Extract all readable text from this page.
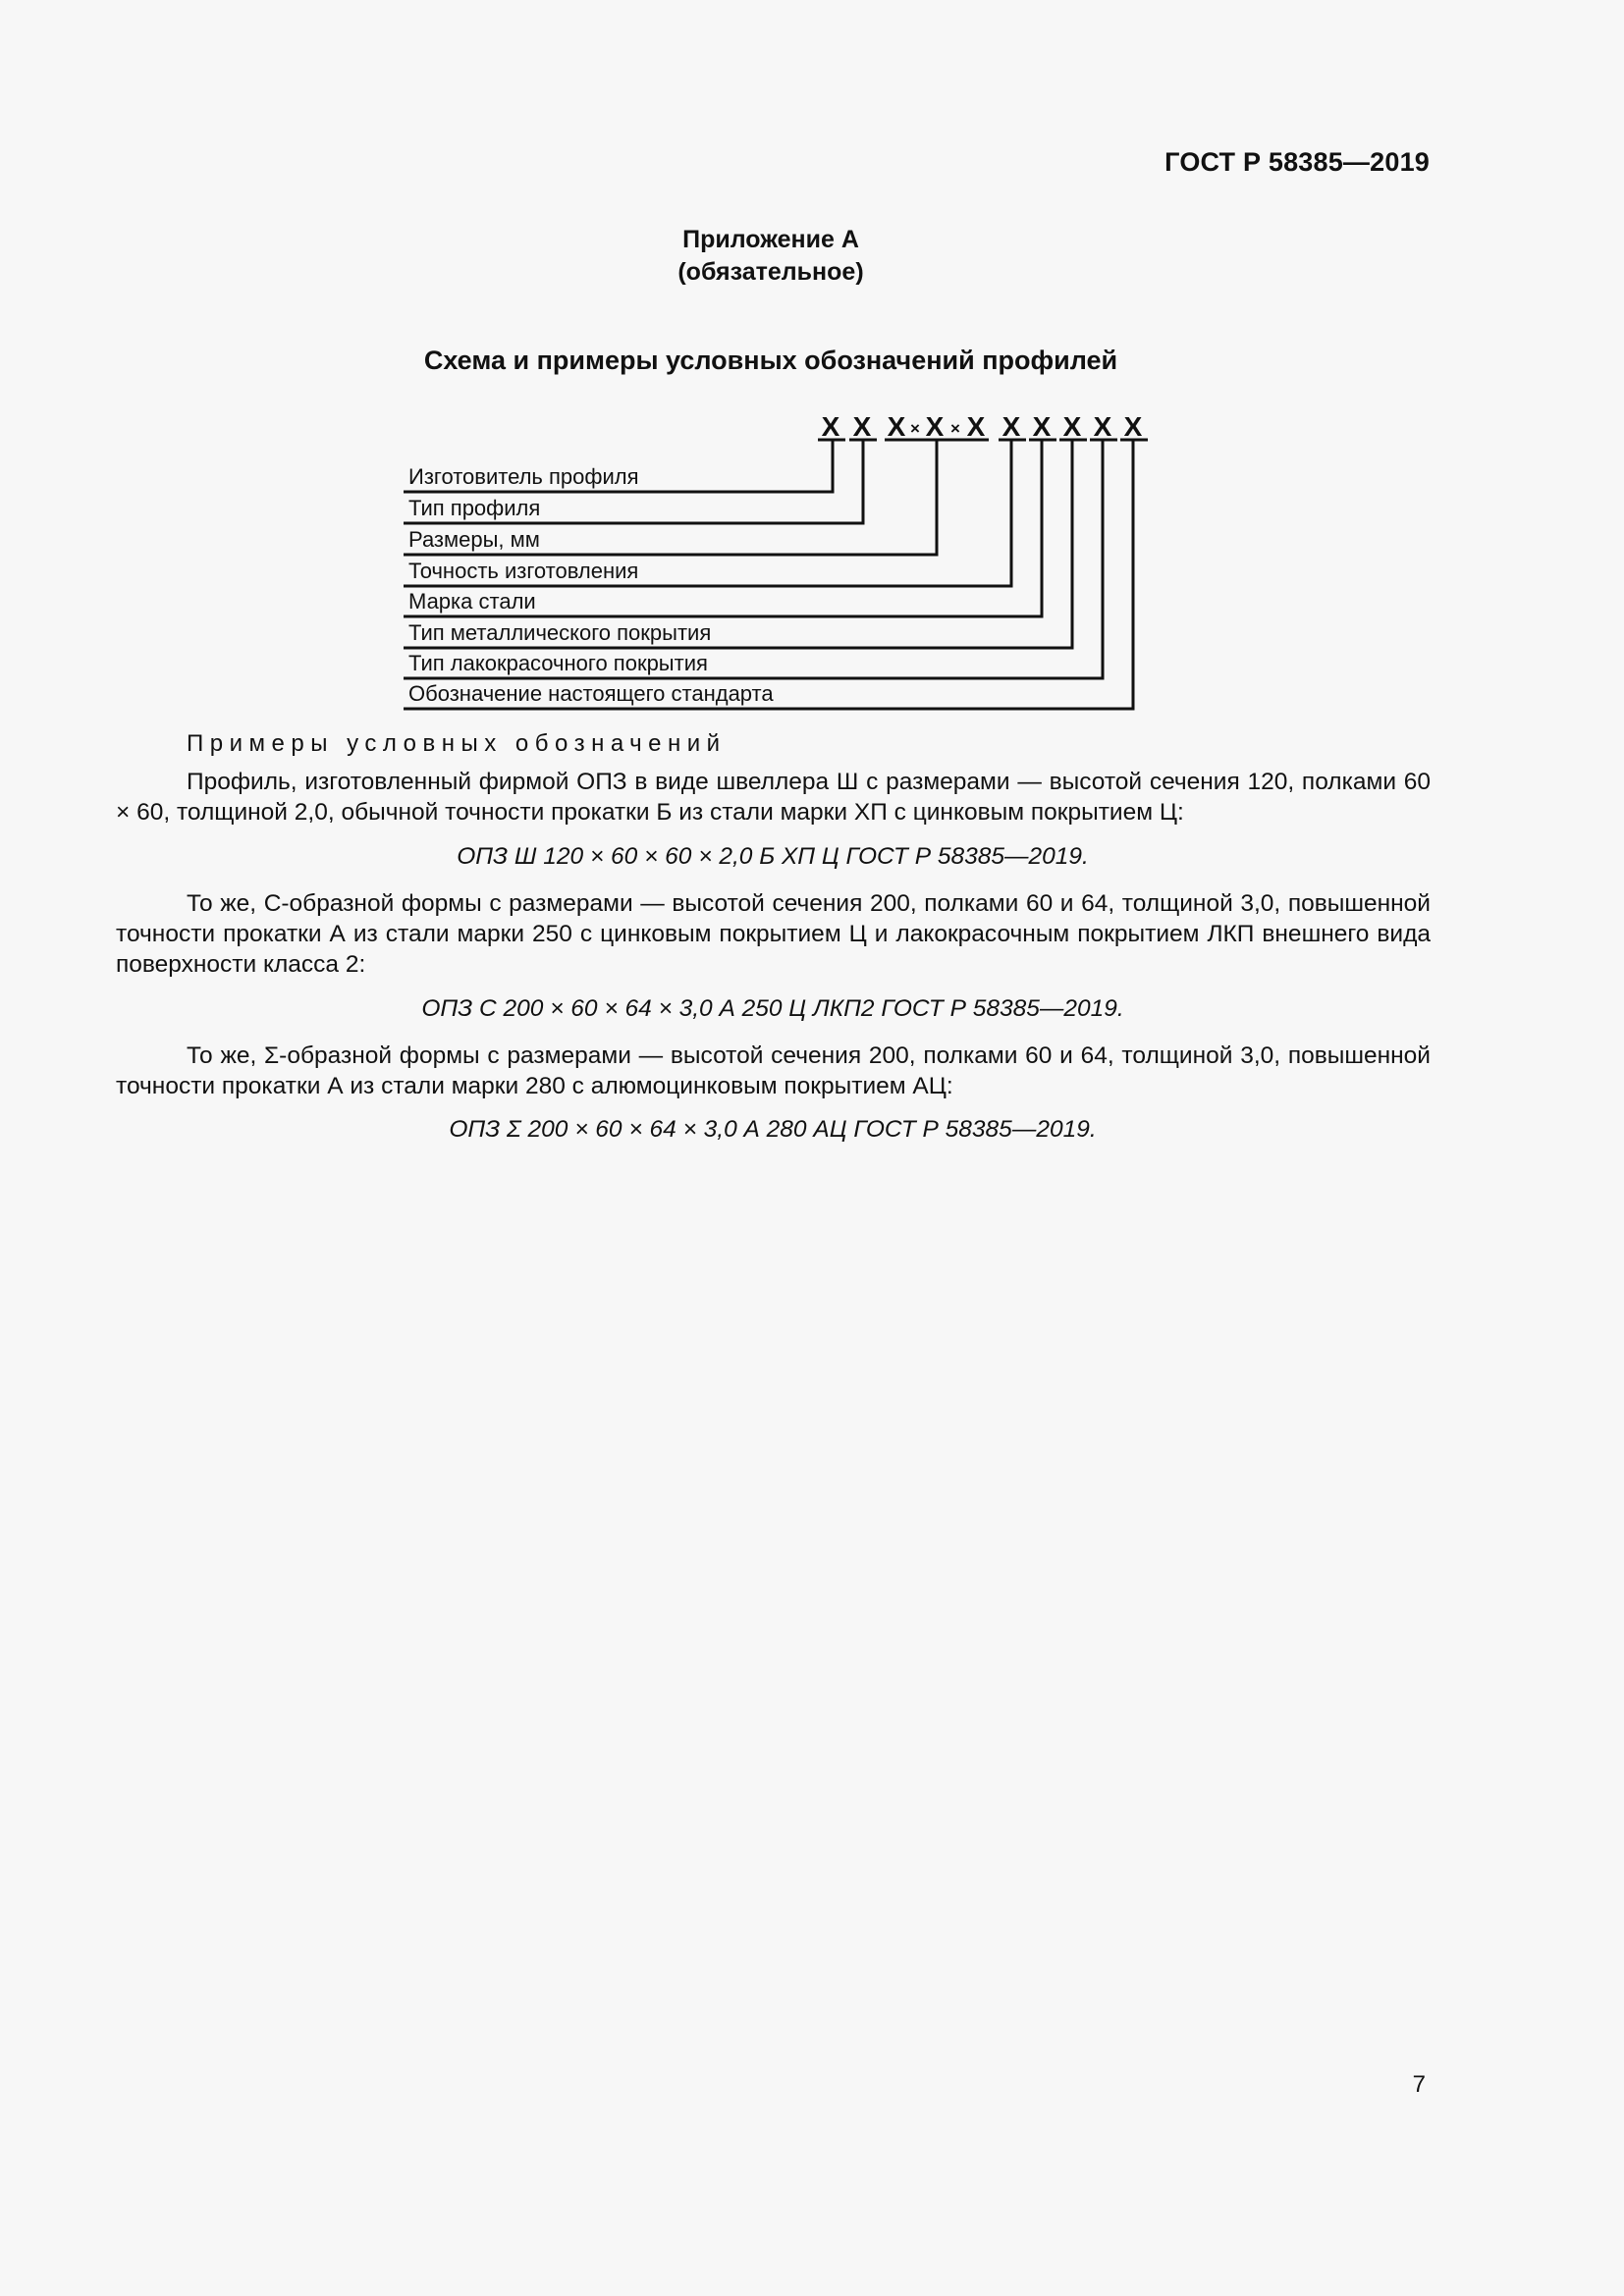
ГОСТ Р 58385—2019
Приложение А
(обязательное)
Схема и примеры условных обозначений профилей
X X X X X X X X X X
× ×
Изготовитель профиля
Тип профиля
Размеры, мм
Точность изготовления
Марка стали
Тип металлического покрытия
Тип лакокрасочного покрытия
Обозначение настоящего стандарта
Примеры условных обозначений
Профиль, изготовленный фирмой ОПЗ в виде швеллера Ш с размерами — высотой сечения 120, полками 60 × 60, толщиной 2,0, обычной точности прокатки Б из стали марки ХП с цинковым покрытием Ц:
ОПЗ Ш 120 × 60 × 60 × 2,0 Б ХП Ц ГОСТ Р 58385—2019.
То же, С-образной формы с размерами — высотой сечения 200, полками 60 и 64, толщиной 3,0, повышенной точности прокатки А из стали марки 250 с цинковым покрытием Ц и лакокрасочным покрытием ЛКП внешнего вида поверхности класса 2:
ОПЗ С 200 × 60 × 64 × 3,0 А 250 Ц ЛКП2 ГОСТ Р 58385—2019.
То же, Σ-образной формы с размерами — высотой сечения 200, полками 60 и 64, толщиной 3,0, повышенной точности прокатки А из стали марки 280 с алюмоцинковым покрытием АЦ:
ОПЗ Σ 200 × 60 × 64 × 3,0 А 280 АЦ ГОСТ Р 58385—2019.
7
